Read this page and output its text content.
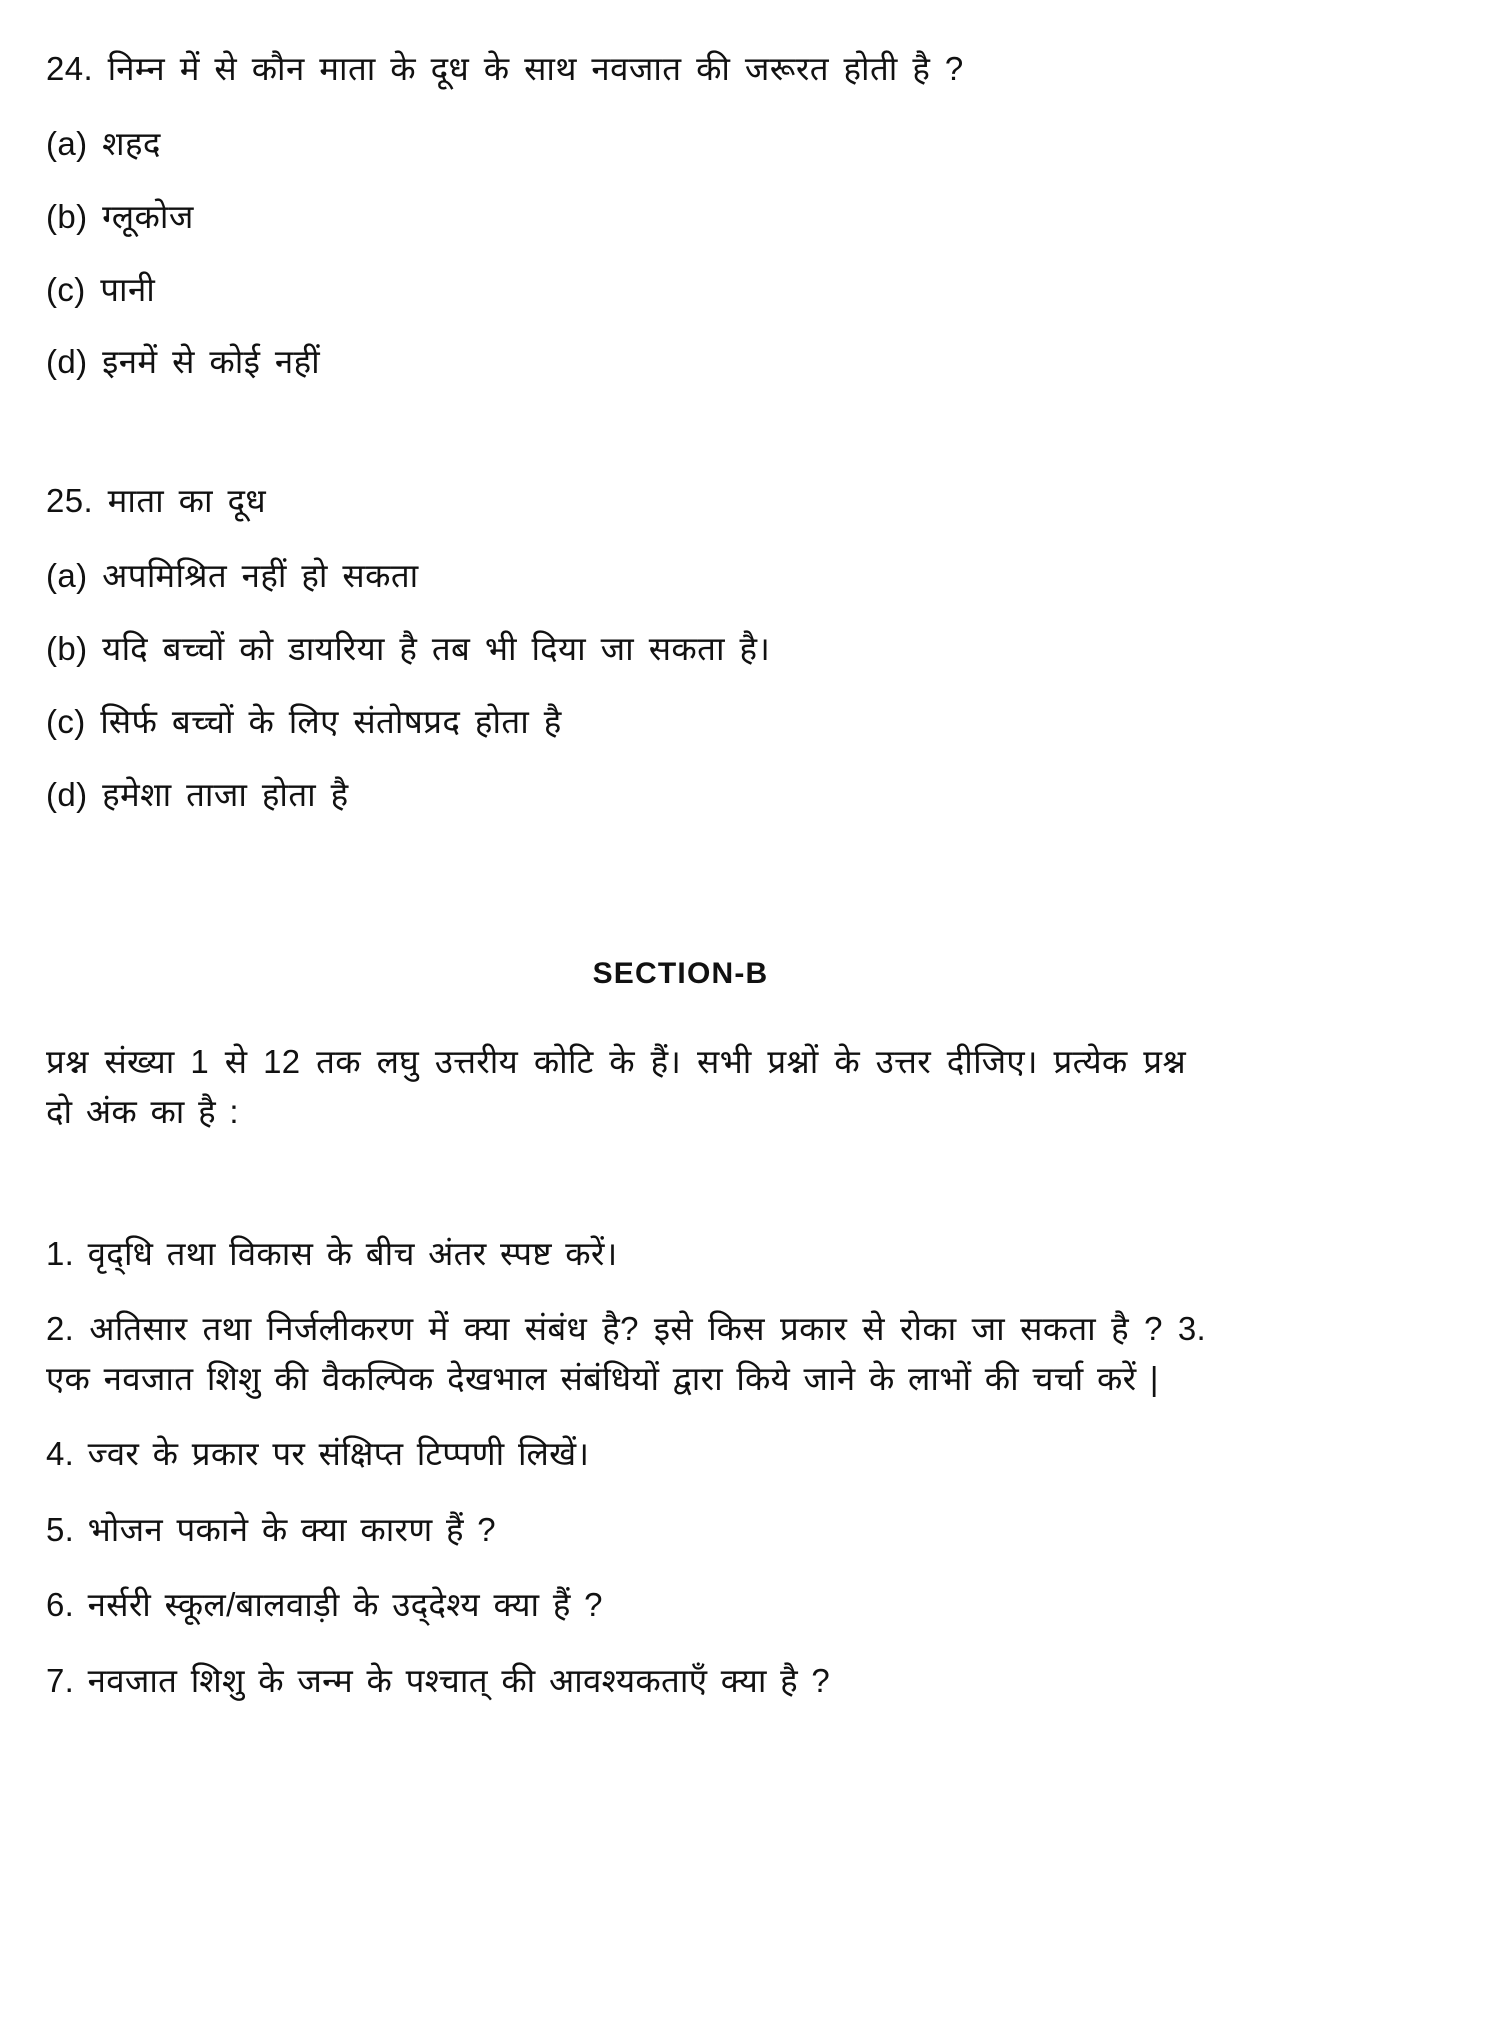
24. निम्न में से कौन माता के दूध के साथ नवजात की जरूरत होती है ?

(a) शहद

(b) ग्लूकोज

(c) पानी

(d) इनमें से कोई नहीं

25. माता का दूध

(a) अपमिश्रित नहीं हो सकता

(b) यदि बच्चों को डायरिया है तब भी दिया जा सकता है।

(c) सिर्फ बच्चों के लिए संतोषप्रद होता है

(d) हमेशा ताजा होता है

SECTION-B

प्रश्न संख्या 1 से 12 तक लघु उत्तरीय कोटि के हैं। सभी प्रश्नों के उत्तर दीजिए। प्रत्येक प्रश्न दो अंक का है :

1. वृद्​धि तथा विकास के बीच अंतर स्पष्ट करें।

2. अतिसार तथा निर्जलीकरण में क्या संबंध है? इसे किस प्रकार से रोका जा सकता है ? 3. एक नवजात शिशु की वैकल्पिक देखभाल संबंधियों द्वारा किये जाने के लाभों की चर्चा करें |

4. ज्वर के प्रकार पर संक्षिप्त टिप्पणी लिखें।

5. भोजन पकाने के क्या कारण हैं ?

6. नर्सरी स्कूल/बालवाड़ी के उद्​देश्य क्या हैं ?

7. नवजात शिशु के जन्म के पश्चात् की आवश्यकताएँ क्या है ?
